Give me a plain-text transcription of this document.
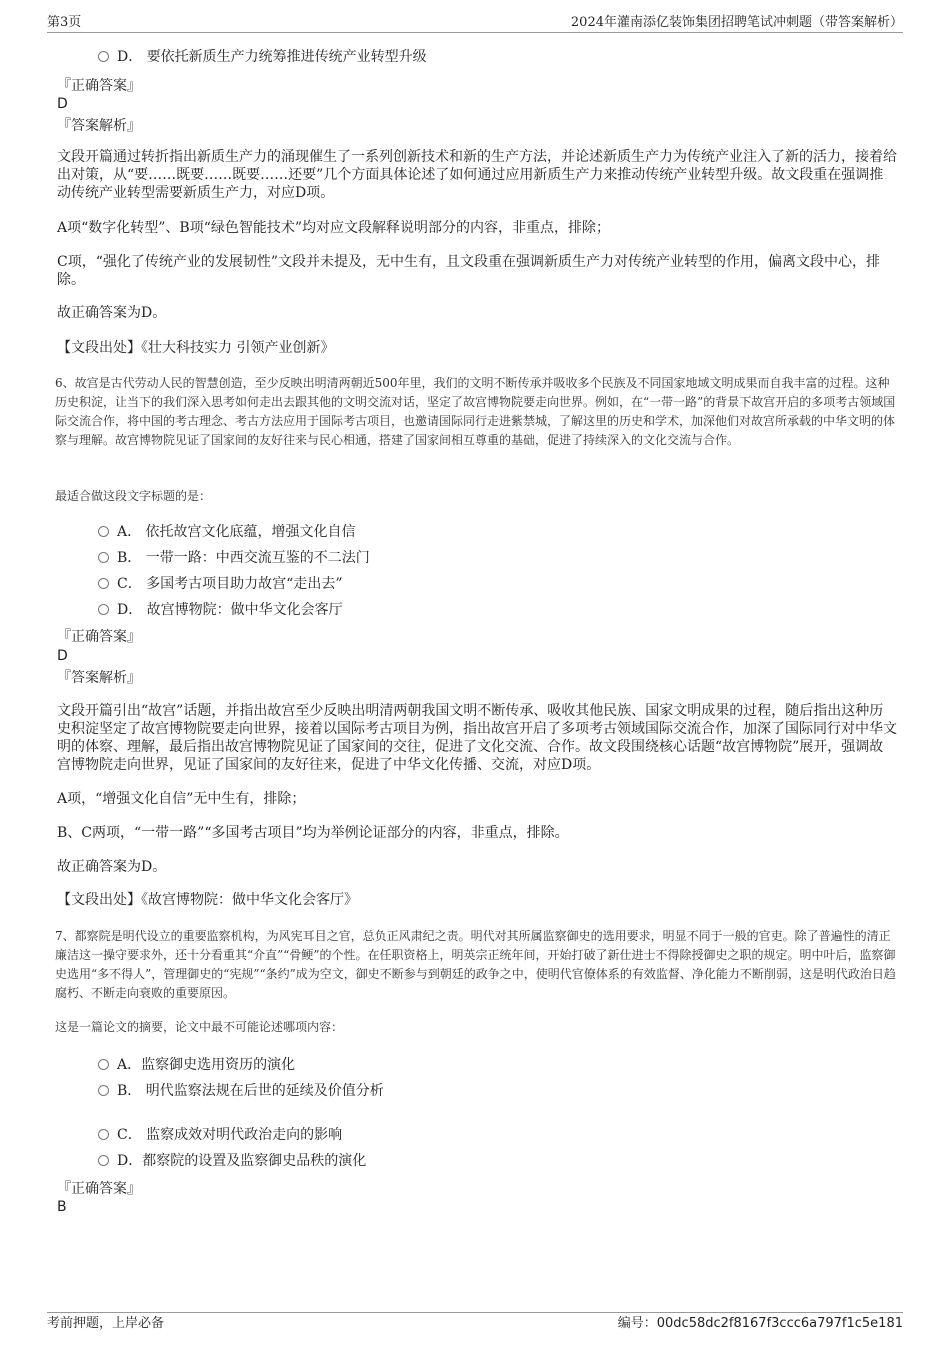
第3页	2024年灌南添亿装饰集团招聘笔试冲刺题（带答案解析）
D． 要依托新质生产力统筹推进传统产业转型升级
『正确答案』
D
『答案解析』
文段开篇通过转折指出新质生产力的涌现催生了一系列创新技术和新的生产方法，并论述新质生产力为传统产业注入了新的活力，接着给出对策，从“要……既要……既要……还要”几个方面具体论述了如何通过应用新质生产力来推动传统产业转型升级。故文段重在强调推动传统产业转型需要新质生产力，对应D项。
A项“数字化转型”、B项“绿色智能技术”均对应文段解释说明部分的内容，非重点，排除；
C项，“强化了传统产业的发展韧性”文段并未提及，无中生有，且文段重在强调新质生产力对传统产业转型的作用，偏离文段中心，排除。
故正确答案为D。
【文段出处】《壮大科技实力 引领产业创新》
6、故宫是古代劳动人民的智慧创造，至少反映出明清两朝近500年里，我们的文明不断传承并吸收多个民族及不同国家地域文明成果而自我丰富的过程。这种历史积淀，让当下的我们深入思考如何走出去跟其他的文明交流对话，坚定了故宫博物院要走向世界。例如，在“一带一路”的背景下故宫开启的多项考古领域国际交流合作，将中国的考古理念、考古方法应用于国际考古项目，也邀请国际同行走进紫禁城，了解这里的历史和学术，加深他们对故宫所承载的中华文明的体察与理解。故宫博物院见证了国家间的友好往来与民心相通，搭建了国家间相互尊重的基础，促进了持续深入的文化交流与合作。
最适合做这段文字标题的是：
A． 依托故宫文化底蕴，增强文化自信
B． 一带一路：中西交流互鉴的不二法门
C． 多国考古项目助力故宫“走出去”
D． 故宫博物院：做中华文化会客厅
『正确答案』
D
『答案解析』
文段开篇引出“故宫”话题，并指出故宫至少反映出明清两朝我国文明不断传承、吸收其他民族、国家文明成果的过程，随后指出这种历史积淀坚定了故宫博物院要走向世界，接着以国际考古项目为例，指出故宫开启了多项考古领域国际交流合作，加深了国际同行对中华文明的体察、理解，最后指出故宫博物院见证了国家间的交往，促进了文化交流、合作。故文段围绕核心话题“故宫博物院”展开，强调故宫博物院走向世界，见证了国家间的友好往来，促进了中华文化传播、交流，对应D项。
A项，“增强文化自信”无中生有，排除；
B、C两项，“一带一路”“多国考古项目”均为举例论证部分的内容，非重点，排除。
故正确答案为D。
【文段出处】《故宫博物院：做中华文化会客厅》
7、都察院是明代设立的重要监察机构，为风宪耳目之官，总负正风肃纪之责。明代对其所属监察御史的选用要求，明显不同于一般的官吏。除了普遍性的清正廉洁这一操守要求外，还十分看重其“介直”“骨鲠”的个性。在任职资格上，明英宗正统年间，开始打破了新仕进士不得除授御史之职的规定。明中叶后，监察御史选用“多不得人”，管理御史的“宪规”“条约”成为空文，御史不断参与到朝廷的政争之中，使明代官僚体系的有效监督、净化能力不断削弱，这是明代政治日趋腐朽、不断走向衰败的重要原因。
这是一篇论文的摘要，论文中最不可能论述哪项内容：
A．监察御史选用资历的演化
B． 明代监察法规在后世的延续及价值分析
C． 监察成效对明代政治走向的影响
D．都察院的设置及监察御史品秩的演化
『正确答案』
B
考前押题，上岸必备	编号：00dc58dc2f8167f3ccc6a797f1c5e181
